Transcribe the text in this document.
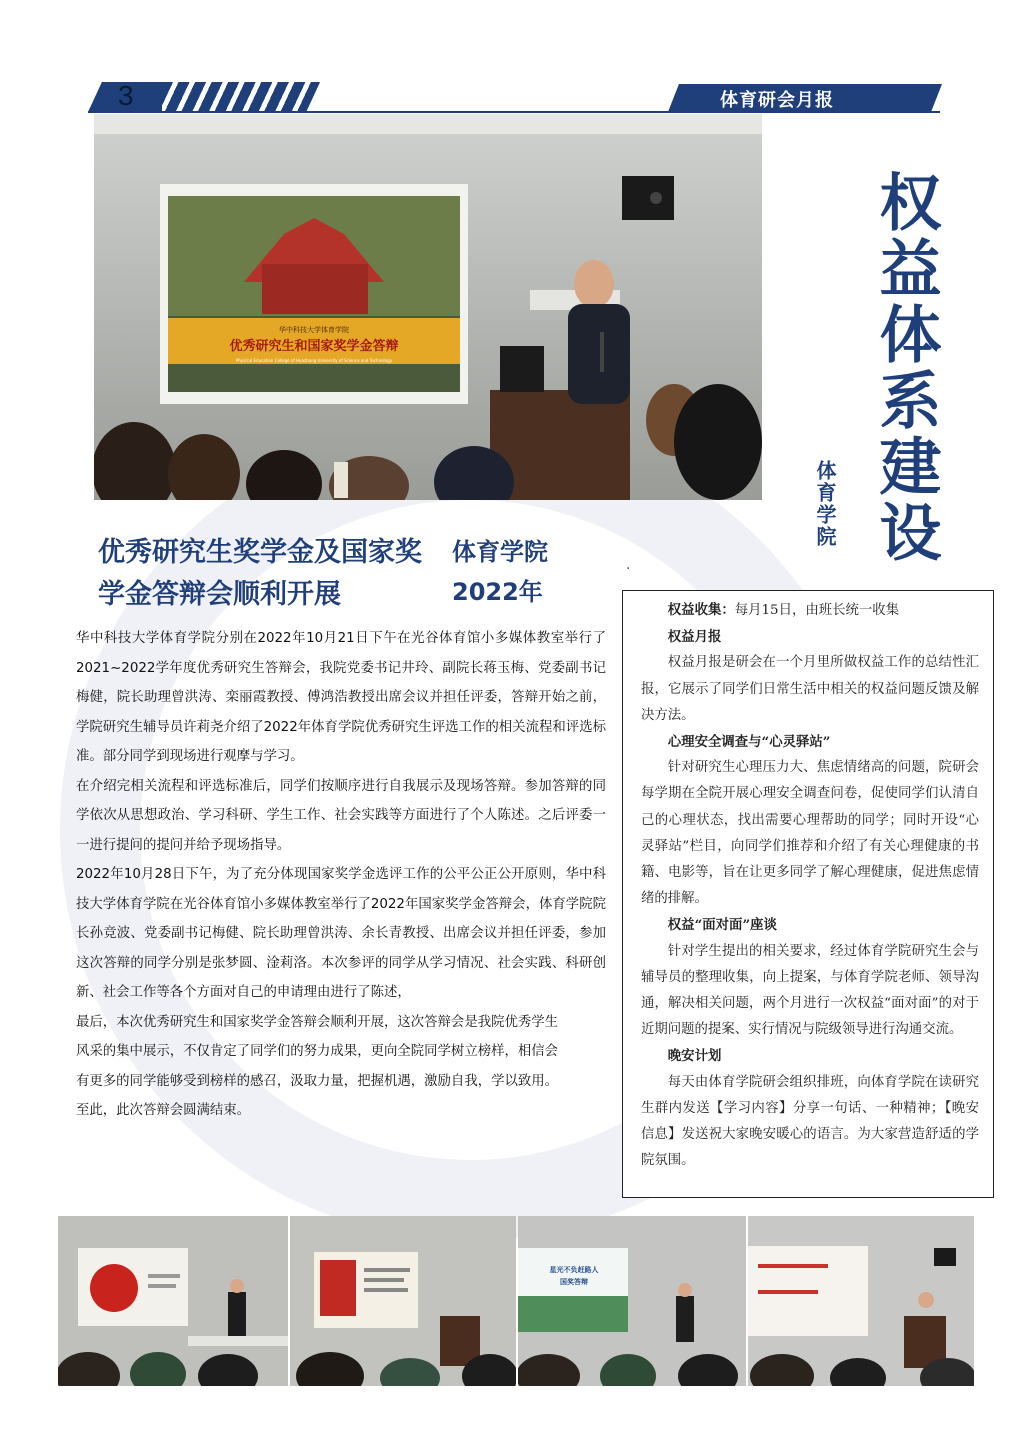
3	体育研会月报
华中科技大学体育学院
优秀研究生和国家奖学金答辩
Physical Education College of Huazhong University of Science and Technology	权益体系建设
体育学院
优秀研究生奖学金及国家奖学金答辩会顺利开展
体育学院
2022年
·

华中科技大学体育学院分别在2022年10月21日下午在光谷体育馆小多媒体教室举行了2021~2022学年度优秀研究生答辩会，我院党委书记井玲、副院长蒋玉梅、党委副书记梅健，院长助理曾洪涛、栾丽霞教授、傅鸿浩教授出席会议并担任评委，答辩开始之前，学院研究生辅导员许莉尧介绍了2022年体育学院优秀研究生评选工作的相关流程和评选标准。部分同学到现场进行观摩与学习。

在介绍完相关流程和评选标准后，同学们按顺序进行自我展示及现场答辩。参加答辩的同学依次从思想政治、学习科研、学生工作、社会实践等方面进行了个人陈述。之后评委一一进行提问的提问并给予现场指导。

2022年10月28日下午，为了充分体现国家奖学金选评工作的公平公正公开原则，华中科技大学体育学院在光谷体育馆小多媒体教室举行了2022年国家奖学金答辩会，体育学院院长孙竞波、党委副书记梅健、院长助理曾洪涛、余长青教授、出席会议并担任评委，参加这次答辩的同学分别是张梦圆、淦莉洛。本次参评的同学从学习情况、社会实践、科研创新、社会工作等各个方面对自己的申请理由进行了陈述，

最后，本次优秀研究生和国家奖学金答辩会顺利开展，这次答辩会是我院优秀学生

风采的集中展示，不仅肯定了同学们的努力成果，更向全院同学树立榜样，相信会

有更多的同学能够受到榜样的感召，汲取力量，把握机遇，激励自我，学以致用。

至此，此次答辩会圆满结束。

权益收集：每月15日，由班长统一收集

权益月报

权益月报是研会在一个月里所做权益工作的总结性汇报，它展示了同学们日常生活中相关的权益问题反馈及解决方法。

心理安全调查与“心灵驿站”

针对研究生心理压力大、焦虑情绪高的问题，院研会每学期在全院开展心理安全调查问卷，促使同学们认清自己的心理状态，找出需要心理帮助的同学；同时开设“心灵驿站”栏目，向同学们推荐和介绍了有关心理健康的书籍、电影等，旨在让更多同学了解心理健康，促进焦虑情绪的排解。

权益“面对面”座谈

针对学生提出的相关要求，经过体育学院研究生会与辅导员的整理收集，向上提案，与体育学院老师、领导沟通，解决相关问题，两个月进行一次权益“面对面”的对于近期问题的提案、实行情况与院级领导进行沟通交流。

晚安计划

每天由体育学院研会组织排班，向体育学院在读研究生群内发送【学习内容】分享一句话、一种精神；【晚安信息】发送祝大家晚安暖心的语言。为大家营造舒适的学院氛围。

星光不负赶路人
国奖答辩
